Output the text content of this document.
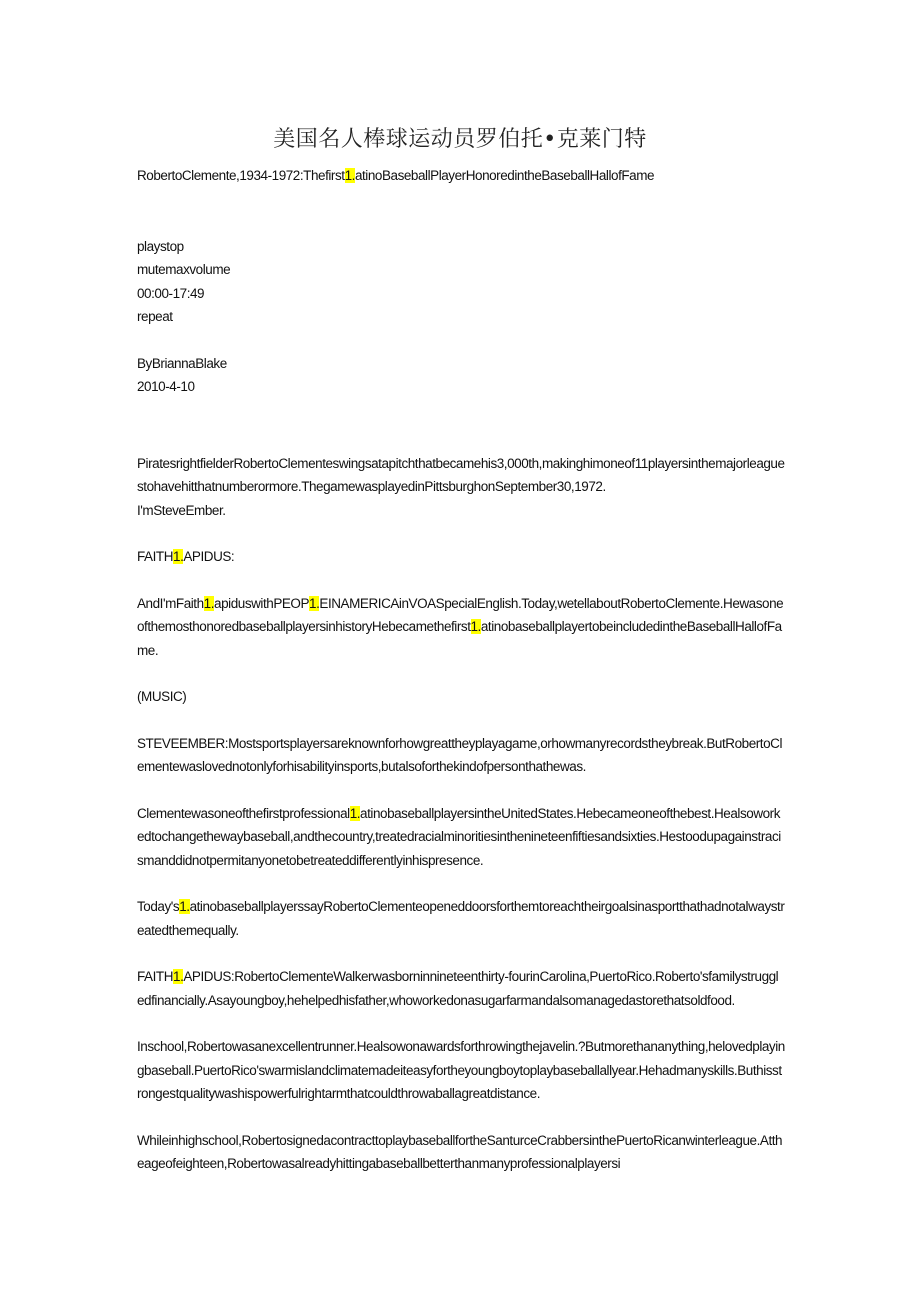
美国名人棒球运动员罗伯托•克莱门特

RobertoClemente,1934-1972:Thefirst1.atinoBaseballPlayerHonoredintheBaseballHallofFame

playstop

mutemaxvolume

00:00-17:49

repeat

ByBriannaBlake

2010-4-10

PiratesrightfielderRobertoClementeswingsatapitchthatbecamehis3,000th,makinghimoneof11playersinthemajorleaguestohavehitthatnumberormore.ThegamewasplayedinPittsburghonSeptember30,1972.

I'mSteveEmber.

FAITH1.APIDUS:

AndI'mFaith1.apiduswithPEOP1.EINAMERICAinVOASpecialEnglish.Today,wetellaboutRobertoClemente.HewasoneofthemosthonoredbaseballplayersinhistoryHebecamethefirst1.atinobaseballplayertobeincludedintheBaseballHallofFame.

(MUSIC)

STEVEEMBER:Mostsportsplayersareknownforhowgreattheyplayagame,orhowmanyrecordstheybreak.ButRobertoClementewaslovednotonlyforhisabilityinsports,butalsoforthekindofpersonthathewas.

Clementewasoneofthefirstprofessional1.atinobaseballplayersintheUnitedStates.Hebecameoneofthebest.Healsoworkedtochangethewaybaseball,andthecountry,treatedracialminoritiesinthenineteenfiftiesandsixties.Hestoodupagainstracismanddidnotpermitanyonetobetreateddifferentlyinhispresence.

Today's1.atinobaseballplayerssayRobertoClementeopeneddoorsforthemtoreachtheirgoalsinasportthathadnotalwaystreatedthemequally.

FAITH1.APIDUS:RobertoClementeWalkerwasborninnineteenthirty-fourinCarolina,PuertoRico.Roberto'sfamilystruggledfinancially.Asayoungboy,hehelpedhisfather,whoworkedonasugarfarmandalsomanagedastorethatsoldfood.

Inschool,Robertowasanexcellentrunner.Healsowonawardsforthrowingthejavelin.?Butmorethananything,helovedplayingbaseball.PuertoRico'swarmislandclimatemadeiteasyfortheyoungboytoplaybaseballallyear.Hehadmanyskills.Buthisstrongestqualitywashispowerfulrightarmthatcouldthrowaballagreatdistance.

Whileinhighschool,RobertosignedacontracttoplaybaseballfortheSanturceCrabbersinthePuertoRicanwinterleague.Attheageofeighteen,Robertowasalreadyhittingabaseballbetterthanmanyprofessionalplayersi
